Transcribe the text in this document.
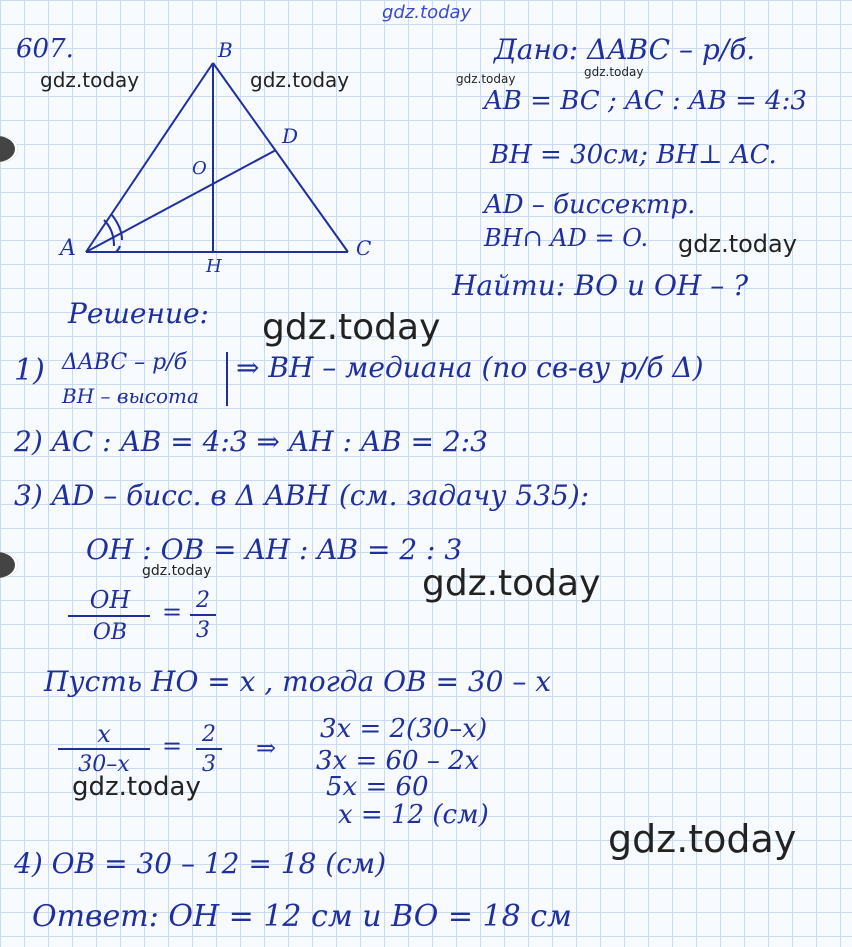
gdz.today
gdz.today	gdz.today	gdz.today	gdz.today
gdz.today
gdz.today
gdz.today
gdz.today
gdz.today
gdz.today
607.
A
B
C
D
O
H
Дано: ΔABC – р/б.
AB = BC ; AC : AB = 4:3
BH = 30см; BH⊥ AC.
AD – биссектр.
BH∩ AD = O.
Найти: BO и OH – ?
Решение:
1) ΔABC – р/б
BH – высота
⇒ BH – медиана (по св-ву р/б Δ)
2) AC : AB = 4:3 ⇒ AH : AB = 2:3
3) AD – бисс. в Δ ABH (см. задачу 535):
OH : OB = AH : AB = 2 : 3
OH
OB
= 2
3
Пусть HO = x , тогда OB = 30 – x
x
30–x
= 2
3
⇒
3x = 2(30–x)
3x = 60 – 2x
5x = 60
x = 12 (см)
4) OB = 30 – 12 = 18 (см)
Ответ: OH = 12 см и BO = 18 см
